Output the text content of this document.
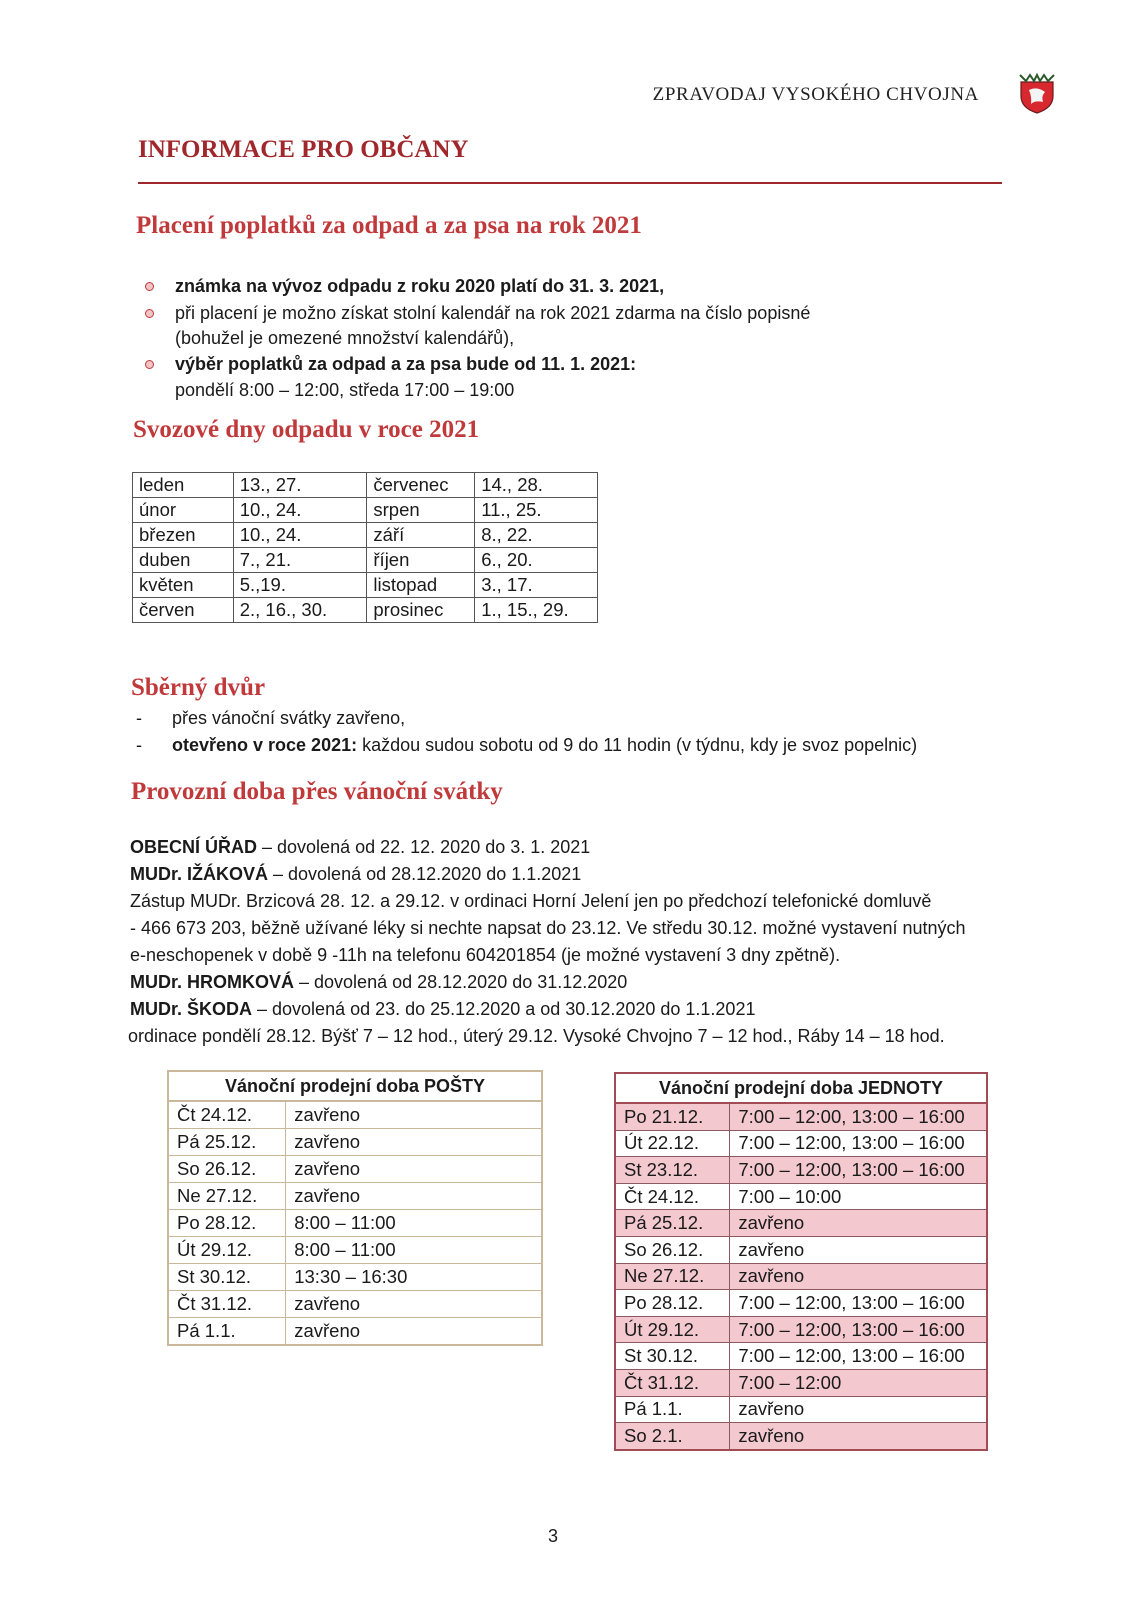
ZPRAVODAJ VYSOKÉHO CHVOJNA
INFORMACE PRO OBČANY
Placení poplatků za odpad a za psa na rok 2021
známka na vývoz odpadu z roku 2020 platí do 31. 3. 2021,
při placení je možno získat stolní kalendář na rok 2021 zdarma na číslo popisné
(bohužel je omezené množství kalendářů),
výběr poplatků za odpad a za psa bude od 11. 1. 2021:
pondělí 8:00 – 12:00, středa 17:00 – 19:00
Svozové dny odpadu v roce 2021
leden	13., 27.	červenec	14., 28.
únor	10., 24.	srpen	11., 25.
březen	10., 24.	září	8., 22.
duben	7., 21.	říjen	6., 20.
květen	5.,19.	listopad	3., 17.
červen	2., 16., 30.	prosinec	1., 15., 29.
Sběrný dvůr
- přes vánoční svátky zavřeno,
- otevřeno v roce 2021: každou sudou sobotu od 9 do 11 hodin (v týdnu, kdy je svoz popelnic)
Provozní doba přes vánoční svátky
OBECNÍ ÚŘAD – dovolená od 22. 12. 2020 do 3. 1. 2021
MUDr. IŽÁKOVÁ – dovolená od 28.12.2020 do 1.1.2021
Zástup MUDr. Brzicová 28. 12. a 29.12. v ordinaci Horní Jelení jen po předchozí telefonické domluvě
- 466 673 203, běžně užívané léky si nechte napsat do 23.12. Ve středu 30.12. možné vystavení nutných
e-neschopenek v době 9 -11h na telefonu 604201854 (je možné vystavení 3 dny zpětně).
MUDr. HROMKOVÁ – dovolená od 28.12.2020 do 31.12.2020
MUDr. ŠKODA – dovolená od 23. do 25.12.2020 a od 30.12.2020 do 1.1.2021
ordinace pondělí 28.12. Býšť 7 – 12 hod., úterý 29.12. Vysoké Chvojno 7 – 12 hod., Ráby 14 – 18 hod.
Vánoční prodejní doba POŠTY	
Čt 24.12.	zavřeno
Pá 25.12.	zavřeno
So 26.12.	zavřeno
Ne 27.12.	zavřeno
Po 28.12.	8:00 – 11:00
Út 29.12.	8:00 – 11:00
St 30.12.	13:30 – 16:30
Čt 31.12.	zavřeno
Pá 1.1.	zavřeno
Vánoční prodejní doba JEDNOTY	
Po 21.12.	7:00 – 12:00, 13:00 – 16:00
Út 22.12.	7:00 – 12:00, 13:00 – 16:00
St 23.12.	7:00 – 12:00, 13:00 – 16:00
Čt 24.12.	7:00 – 10:00
Pá 25.12.	zavřeno
So 26.12.	zavřeno
Ne 27.12.	zavřeno
Po 28.12.	7:00 – 12:00, 13:00 – 16:00
Út 29.12.	7:00 – 12:00, 13:00 – 16:00
St 30.12.	7:00 – 12:00, 13:00 – 16:00
Čt 31.12.	7:00 – 12:00
Pá 1.1.	zavřeno
So 2.1.	zavřeno
3
